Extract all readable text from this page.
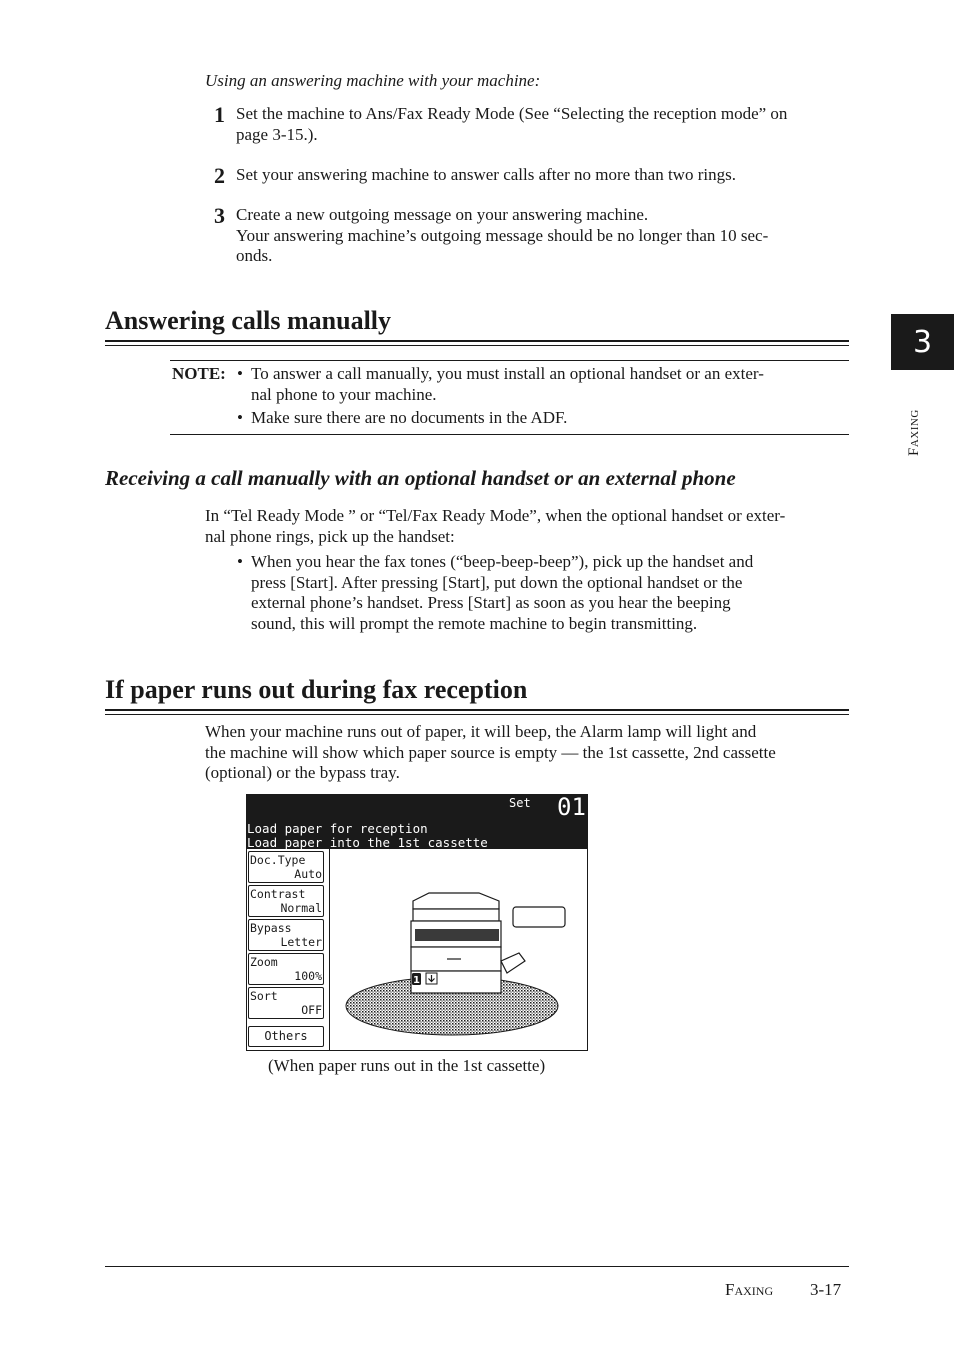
Using an answering machine with your machine:
1 Set the machine to Ans/Fax Ready Mode (See “Selecting the reception mode” on
page 3-15.).
2 Set your answering machine to answer calls after no more than two rings.
3 Create a new outgoing message on your answering machine.
Your answering machine’s outgoing message should be no longer than 10 sec-
onds.
Answering calls manually
NOTE: • To answer a call manually, you must install an optional handset or an exter-
nal phone to your machine.
• Make sure there are no documents in the ADF.
Receiving a call manually with an optional handset or an external phone
In “Tel Ready Mode ” or “Tel/Fax Ready Mode”, when the optional handset or exter-
nal phone rings, pick up the handset:
• When you hear the fax tones (“beep-beep-beep”), pick up the handset and
press [Start]. After pressing [Start], put down the optional handset or the
external phone’s handset. Press [Start] as soon as you hear the beeping
sound, this will prompt the remote machine to begin transmitting.
If paper runs out during fax reception
When your machine runs out of paper, it will beep, the Alarm lamp will light and
the machine will show which paper source is empty — the 1st cassette, 2nd cassette
(optional) or the bypass tray.
Set 01
Load paper for reception
Load paper into the 1st cassette
Doc.Type
Auto
Contrast
Normal
Bypass
Letter
Zoom
100%
Sort
OFF
Others
1
(When paper runs out in the 1st cassette)
3
Faxing
Faxing 3-17
